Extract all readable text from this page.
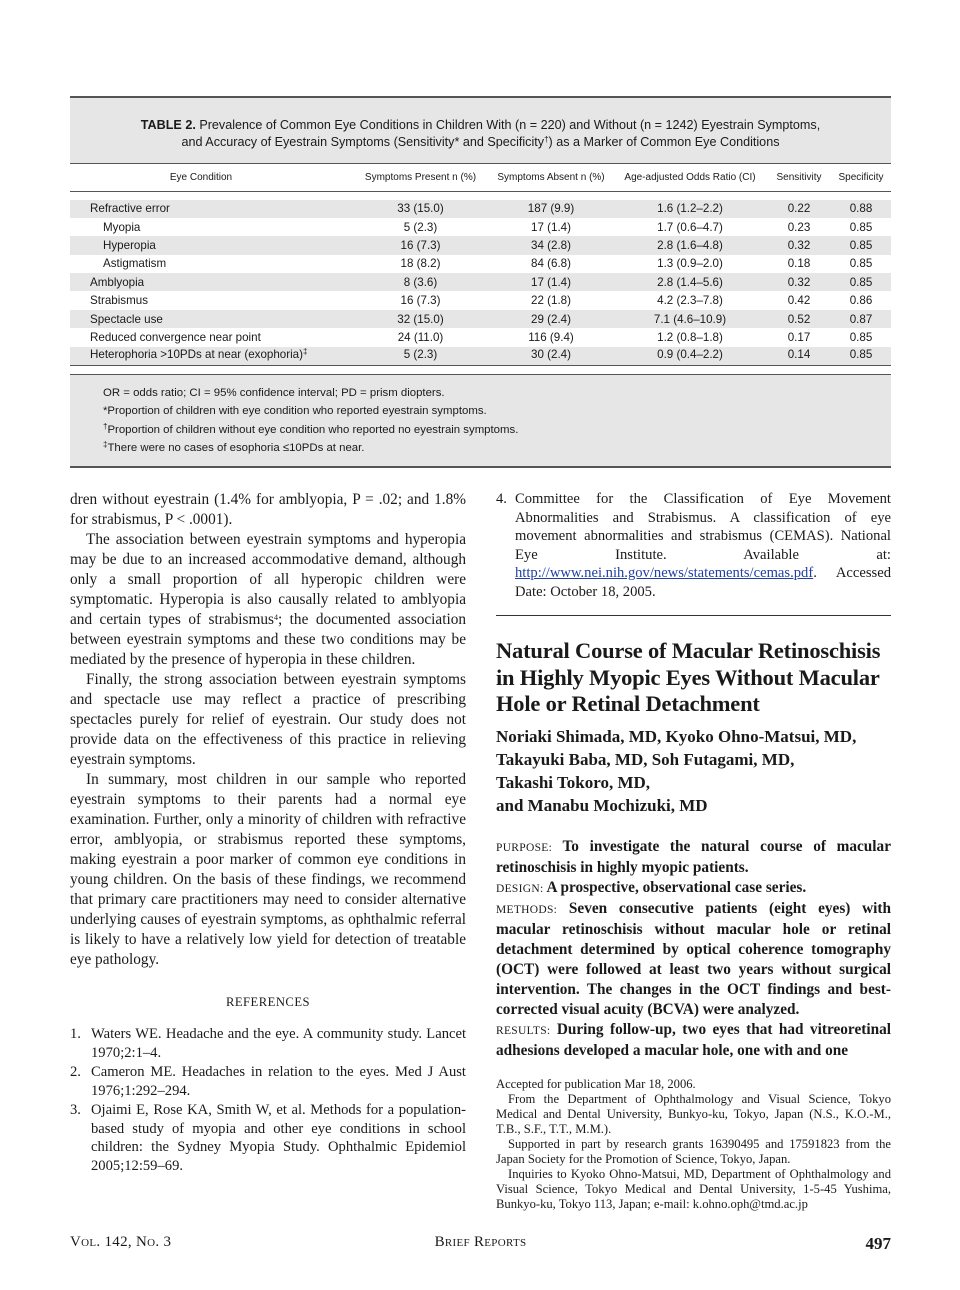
TABLE 2. Prevalence of Common Eye Conditions in Children With (n = 220) and Without (n = 1242) Eyestrain Symptoms,
and Accuracy of Eyestrain Symptoms (Sensitivity* and Specificity†) as a Marker of Common Eye Conditions
Eye Condition	Symptoms Present n (%)	Symptoms Absent n (%)	Age-adjusted Odds Ratio (CI)	Sensitivity	Specificity

Refractive error	33 (15.0)	187 (9.9)	1.6 (1.2–2.2)	0.22	0.88
Myopia	5 (2.3)	17 (1.4)	1.7 (0.6–4.7)	0.23	0.85
Hyperopia	16 (7.3)	34 (2.8)	2.8 (1.6–4.8)	0.32	0.85
Astigmatism	18 (8.2)	84 (6.8)	1.3 (0.9–2.0)	0.18	0.85
Amblyopia	8 (3.6)	17 (1.4)	2.8 (1.4–5.6)	0.32	0.85
Strabismus	16 (7.3)	22 (1.8)	4.2 (2.3–7.8)	0.42	0.86
Spectacle use	32 (15.0)	29 (2.4)	7.1 (4.6–10.9)	0.52	0.87
Reduced convergence near point	24 (11.0)	116 (9.4)	1.2 (0.8–1.8)	0.17	0.85
Heterophoria >10PDs at near (exophoria)‡	5 (2.3)	30 (2.4)	0.9 (0.4–2.2)	0.14	0.85
OR = odds ratio; CI = 95% confidence interval; PD = prism diopters.
*Proportion of children with eye condition who reported eyestrain symptoms.
†Proportion of children without eye condition who reported no eyestrain symptoms.
‡There were no cases of esophoria ≤10PDs at near.

dren without eyestrain (1.4% for amblyopia, P = .02; and 1.8% for strabismus, P < .0001).

The association between eyestrain symptoms and hyperopia may be due to an increased accommodative demand, although only a small proportion of all hyperopic children were symptomatic. Hyperopia is also causally related to amblyopia and certain types of strabismus$^4$; the documented association between eyestrain symptoms and these two conditions may be mediated by the presence of hyperopia in these children.

Finally, the strong association between eyestrain symptoms and spectacle use may reflect a practice of prescribing spectacles purely for relief of eyestrain. Our study does not provide data on the effectiveness of this practice in relieving eyestrain symptoms.

In summary, most children in our sample who reported eyestrain symptoms to their parents had a normal eye examination. Further, only a minority of children with refractive error, amblyopia, or strabismus reported these symptoms, making eyestrain a poor marker of common eye conditions in young children. On the basis of these findings, we recommend that primary care practitioners may need to consider alternative underlying causes of eyestrain symptoms, as ophthalmic referral is likely to have a relatively low yield for detection of treatable eye pathology.

REFERENCES
1. Waters WE. Headache and the eye. A community study. Lancet 1970;2:1–4.
2. Cameron ME. Headaches in relation to the eyes. Med J Aust 1976;1:292–294.
3. Ojaimi E, Rose KA, Smith W, et al. Methods for a population-based study of myopia and other eye conditions in school children: the Sydney Myopia Study. Ophthalmic Epidemiol 2005;12:59–69.
4. Committee for the Classification of Eye Movement Abnormalities and Strabismus. A classification of eye movement abnormalities and strabismus (CEMAS). National Eye Institute. Available at: http://www.nei.nih.gov/news/statements/cemas.pdf. Accessed Date: October 18, 2005.
Natural Course of Macular Retinoschisis in Highly Myopic Eyes Without Macular Hole or Retinal Detachment
Noriaki Shimada, MD, Kyoko Ohno-Matsui, MD,
Takayuki Baba, MD, Soh Futagami, MD,
Takashi Tokoro, MD,
and Manabu Mochizuki, MD
PURPOSE: To investigate the natural course of macular retinoschisis in highly myopic patients.
DESIGN: A prospective, observational case series.
METHODS: Seven consecutive patients (eight eyes) with macular retinoschisis without macular hole or retinal detachment determined by optical coherence tomography (OCT) were followed at least two years without surgical intervention. The changes in the OCT findings and best-corrected visual acuity (BCVA) were analyzed.
RESULTS: During follow-up, two eyes that had vitreoretinal adhesions developed a macular hole, one with and one

Accepted for publication Mar 18, 2006.

From the Department of Ophthalmology and Visual Science, Tokyo Medical and Dental University, Bunkyo-ku, Tokyo, Japan (N.S., K.O.-M., T.B., S.F., T.T., M.M.).

Supported in part by research grants 16390495 and 17591823 from the Japan Society for the Promotion of Science, Tokyo, Japan.

Inquiries to Kyoko Ohno-Matsui, MD, Department of Ophthalmology and Visual Science, Tokyo Medical and Dental University, 1-5-45 Yushima, Bunkyo-ku, Tokyo 113, Japan; e-mail: k.ohno.oph@tmd.ac.jp

Vol. 142, No. 3	Brief Reports	497
